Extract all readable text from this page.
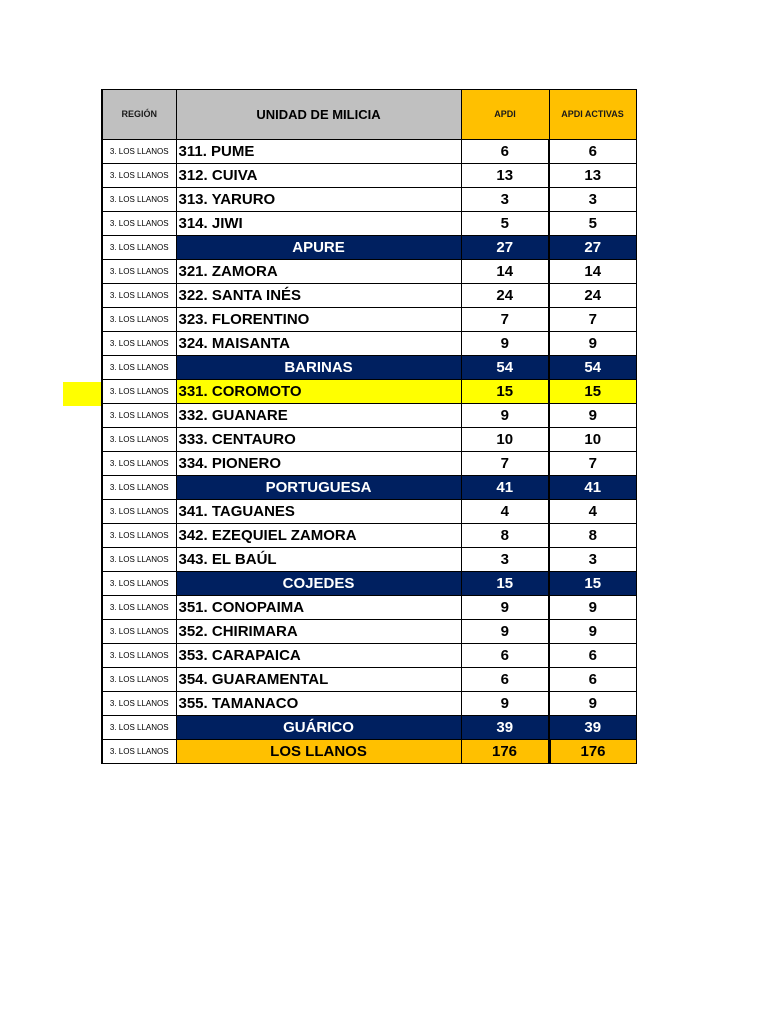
REGIÓN	UNIDAD DE MILICIA	APDI	APDI ACTIVAS
3. LOS LLANOS	311. PUME	6	6
3. LOS LLANOS	312. CUIVA	13	13
3. LOS LLANOS	313. YARURO	3	3
3. LOS LLANOS	314. JIWI	5	5
3. LOS LLANOS	APURE	27	27
3. LOS LLANOS	321. ZAMORA	14	14
3. LOS LLANOS	322. SANTA INÉS	24	24
3. LOS LLANOS	323. FLORENTINO	7	7
3. LOS LLANOS	324. MAISANTA	9	9
3. LOS LLANOS	BARINAS	54	54
3. LOS LLANOS	331. COROMOTO	15	15
3. LOS LLANOS	332. GUANARE	9	9
3. LOS LLANOS	333. CENTAURO	10	10
3. LOS LLANOS	334. PIONERO	7	7
3. LOS LLANOS	PORTUGUESA	41	41
3. LOS LLANOS	341. TAGUANES	4	4
3. LOS LLANOS	342. EZEQUIEL ZAMORA	8	8
3. LOS LLANOS	343. EL BAÚL	3	3
3. LOS LLANOS	COJEDES	15	15
3. LOS LLANOS	351. CONOPAIMA	9	9
3. LOS LLANOS	352. CHIRIMARA	9	9
3. LOS LLANOS	353. CARAPAICA	6	6
3. LOS LLANOS	354. GUARAMENTAL	6	6
3. LOS LLANOS	355. TAMANACO	9	9
3. LOS LLANOS	GUÁRICO	39	39
3. LOS LLANOS	LOS LLANOS	176	176
